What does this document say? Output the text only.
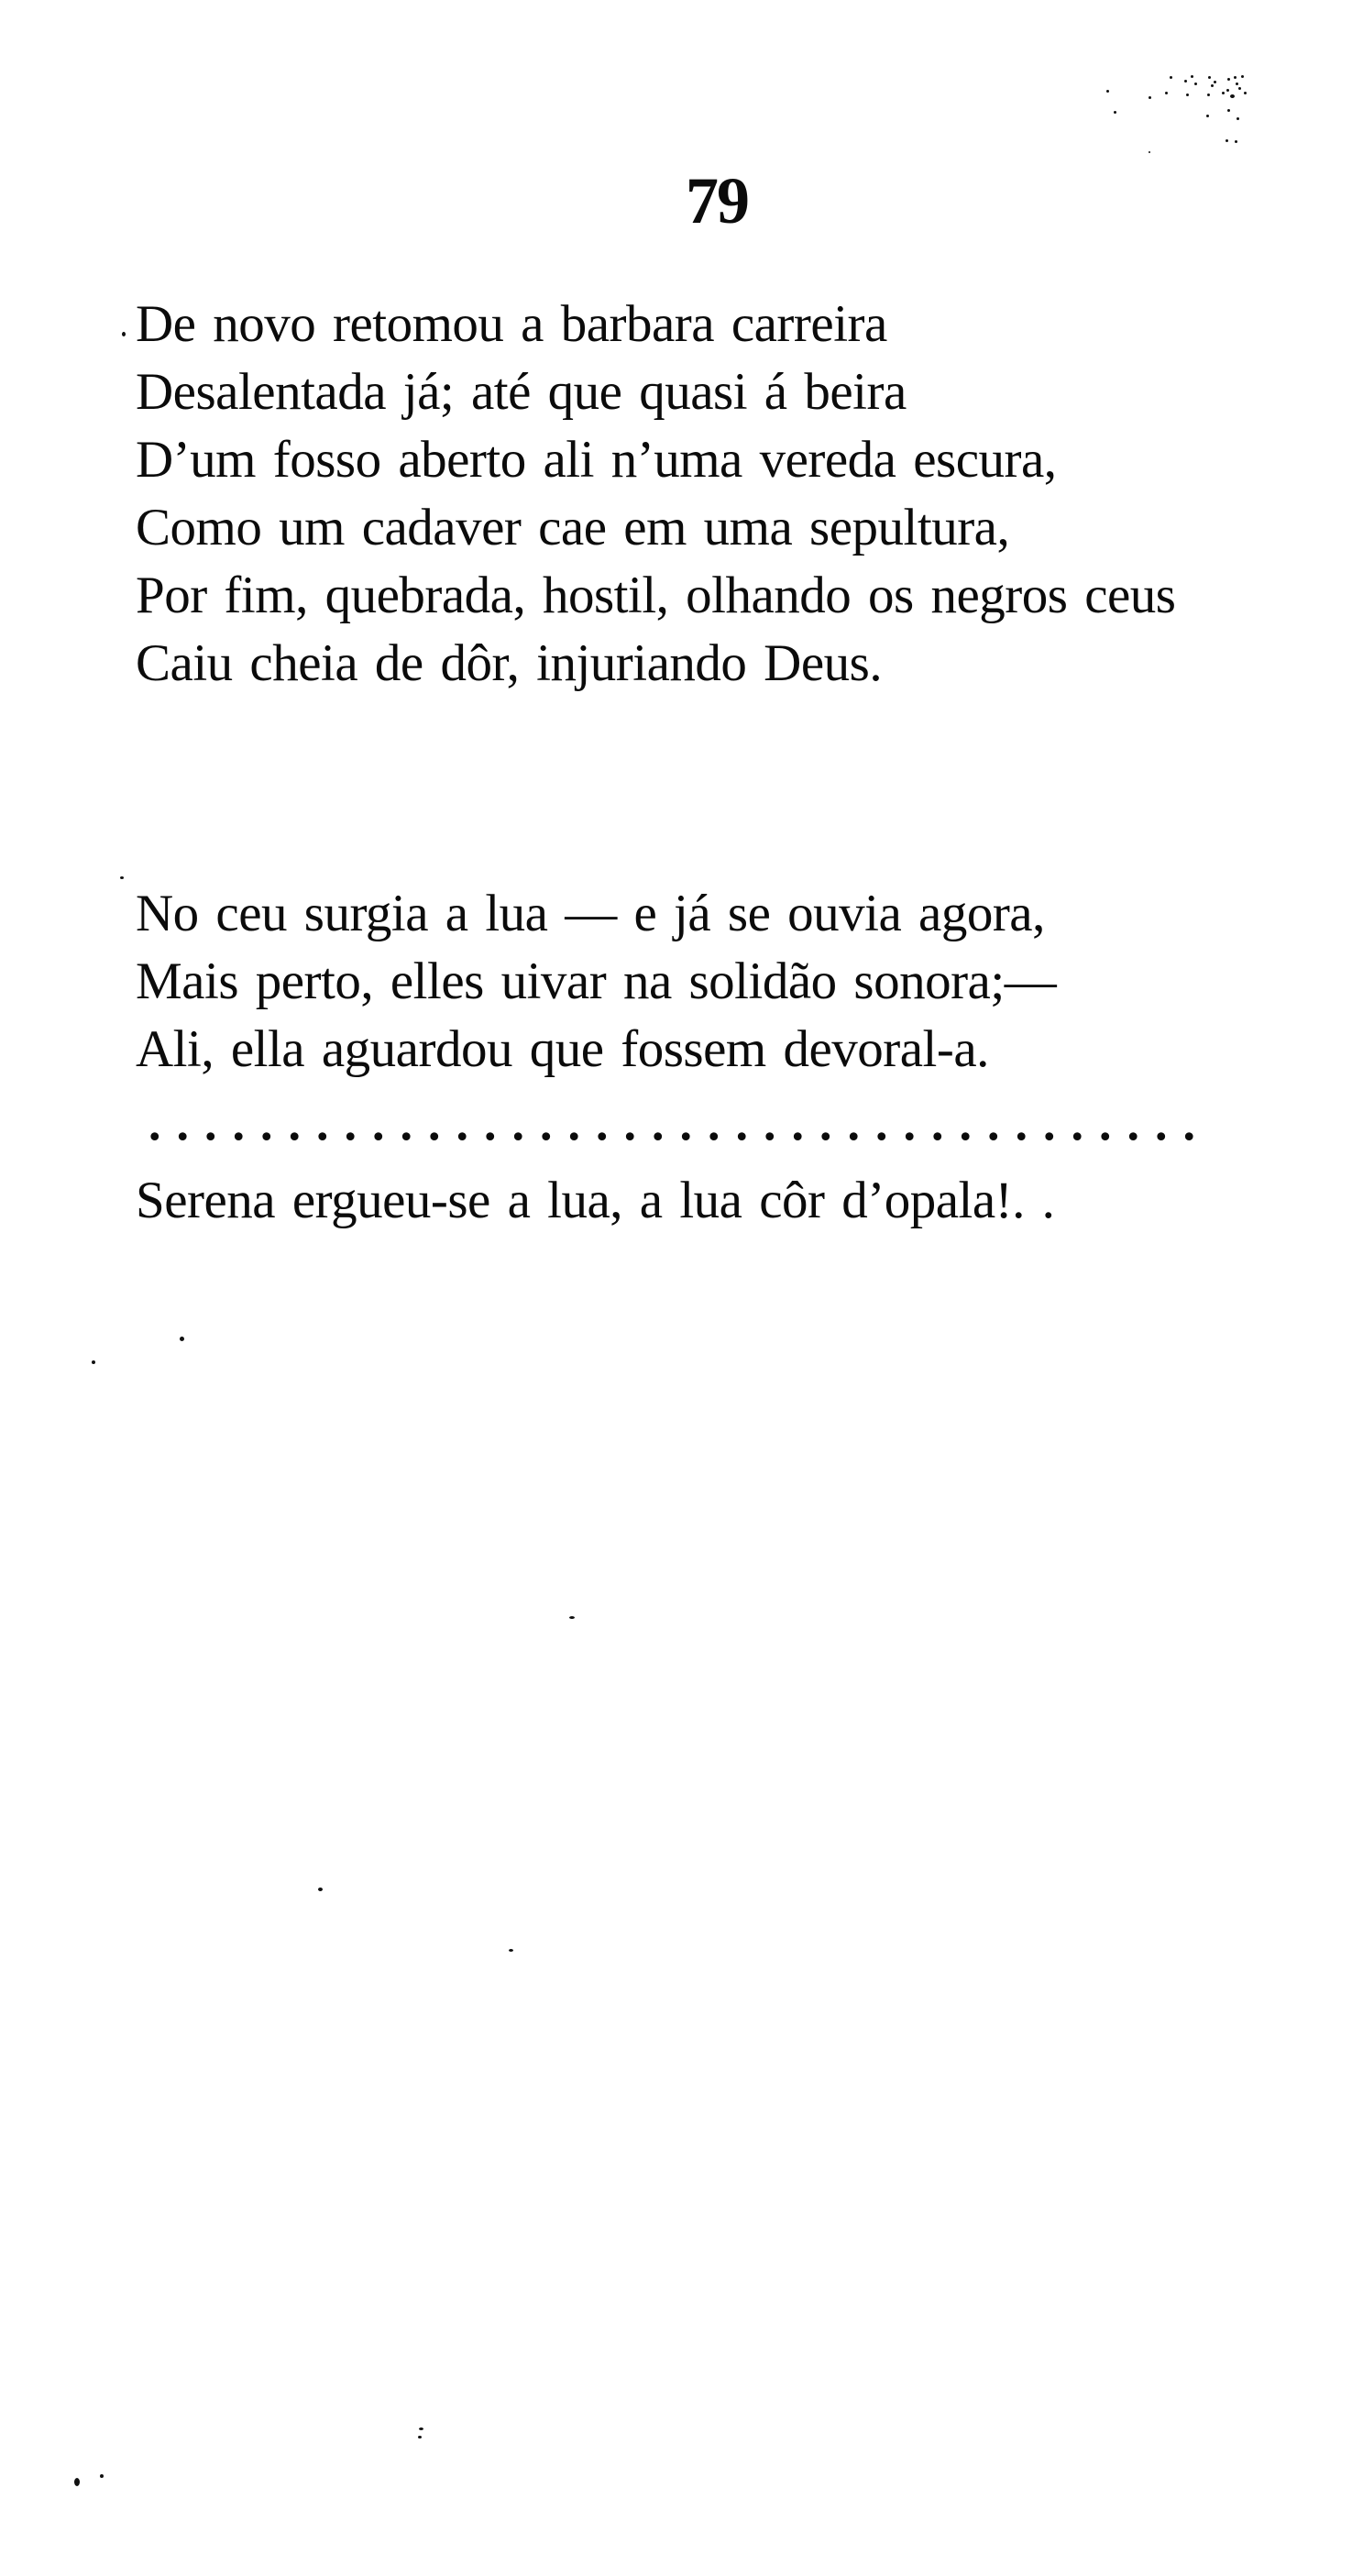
79
De novo retomou a barbara carreira
Desalentada já; até que quasi á beira
D’um fosso aberto ali n’uma vereda escura,
Como um cadaver cae em uma sepultura,
Por fim, quebrada, hostil, olhando os negros ceus
Caiu cheia de dôr, injuriando Deus.
No ceu surgia a lua — e já se ouvia agora,
Mais perto, elles uivar na solidão sonora;—
Ali, ella aguardou que fossem devoral-a.
......................................
Serena ergueu-se a lua, a lua côr d’opala!. .
